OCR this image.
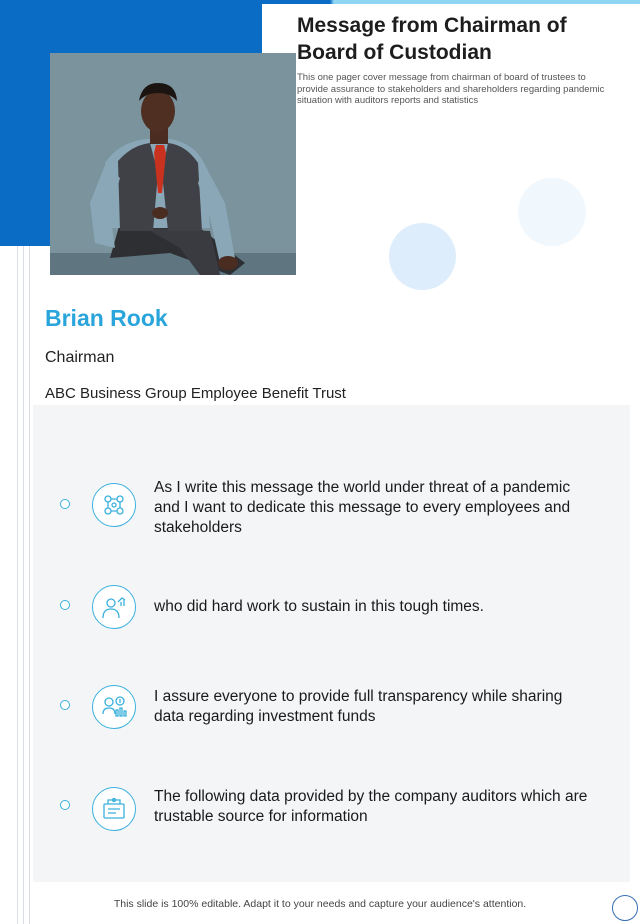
Message from Chairman of Board of Custodian
This one pager cover message from chairman of board of trustees to provide assurance to stakeholders and shareholders regarding pandemic situation with auditors reports and statistics
Brian Rook
Chairman
ABC Business Group Employee Benefit Trust
As I write this message the world under threat of a pandemic and I want to dedicate this message to every employees and stakeholders
who did hard work to sustain in this tough times.
I assure everyone to provide full transparency while sharing data regarding investment funds
The following data provided by the company auditors which are trustable source for information
This slide is 100% editable. Adapt it to your needs and capture your audience's attention.
